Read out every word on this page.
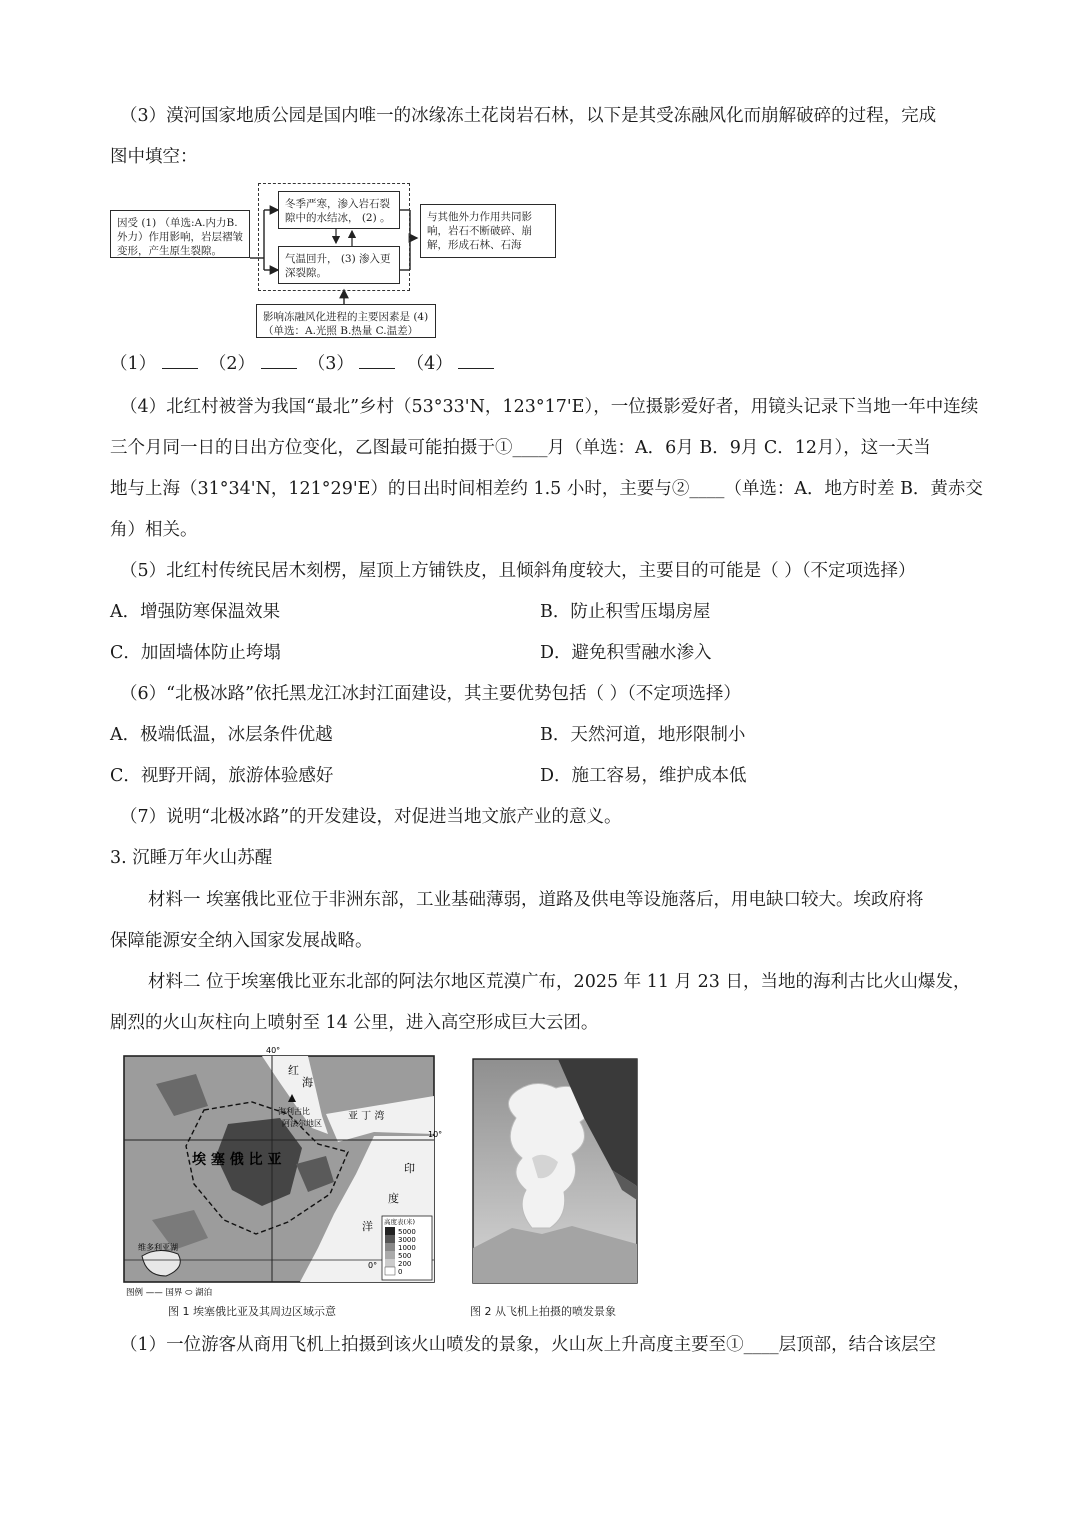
（3）漠河国家地质公园是国内唯一的冰缘冻土花岗岩石林，以下是其受冻融风化而崩解破碎的过程，完成
图中填空：
因受 (1) （单选:A.内力B.外力）作用影响，岩层褶皱变形，产生原生裂隙。
冬季严寒，渗入岩石裂隙中的水结冰， (2) 。
气温回升， (3) 渗入更深裂隙。
与其他外力作用共同影响，岩石不断破碎、崩解，形成石林、石海
影响冻融风化进程的主要因素是 (4) （单选：A.光照 B.热量 C.温差）
（1）	（2）	（3）	（4）
（4）北红村被誉为我国“最北”乡村（53°33'N，123°17'E），一位摄影爱好者，用镜头记录下当地一年中连续
三个月同一日的日出方位变化，乙图最可能拍摄于①____月（单选：A．6月 B．9月 C．12月），这一天当
地与上海（31°34'N，121°29'E）的日出时间相差约 1.5 小时，主要与②____（单选：A．地方时差 B．黄赤交
角）相关。
（5）北红村传统民居木刻楞，屋顶上方铺铁皮，且倾斜角度较大，主要目的可能是（ ）（不定项选择）
A．增强防寒保温效果	B．防止积雪压塌房屋
C．加固墙体防止垮塌	D．避免积雪融水渗入
（6）“北极冰路”依托黑龙江冰封江面建设，其主要优势包括（ ）（不定项选择）
A．极端低温，冰层条件优越	B．天然河道，地形限制小
C．视野开阔，旅游体验感好	D．施工容易，维护成本低
（7）说明“北极冰路”的开发建设，对促进当地文旅产业的意义。
3. 沉睡万年火山苏醒
材料一 埃塞俄比亚位于非洲东部，工业基础薄弱，道路及供电等设施落后，用电缺口较大。埃政府将
保障能源安全纳入国家发展战略。
材料二 位于埃塞俄比亚东北部的阿法尔地区荒漠广布，2025 年 11 月 23 日，当地的海利古比火山爆发，
剧烈的火山灰柱向上喷射至 14 公里，进入高空形成巨大云团。
40°
10°
0°
红
海
海利古比
阿法尔地区
亚 丁 湾
埃 塞 俄 比 亚
印
度
洋
维多利亚湖
高度表(米)
5000
3000
1000
500
200
0
图例 —— 国界 ⬭ 湖泊
图 1 埃塞俄比亚及其周边区域示意	图 2 从飞机上拍摄的喷发景象
（1）一位游客从商用飞机上拍摄到该火山喷发的景象，火山灰上升高度主要至①____层顶部，结合该层空
